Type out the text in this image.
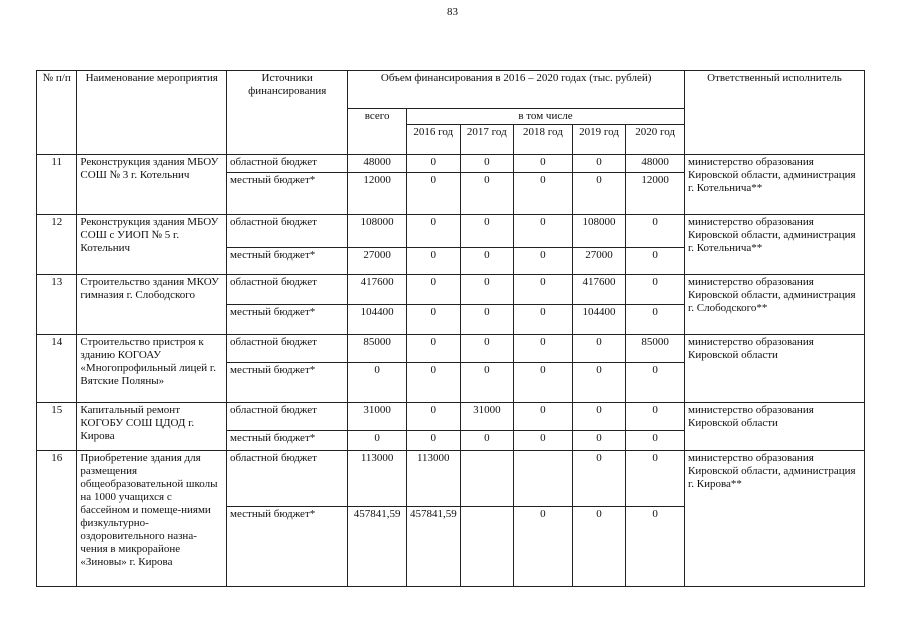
83
№ п/п	Наименование мероприятия	Источники финансирования	Объем финансирования в 2016 – 2020 годах (тыс. рублей)						Ответственный исполнитель
			всего	в том числе					
				2016 год	2017 год	2018 год	2019 год	2020 год	
11	Реконструкция здания МБОУ СОШ № 3 г. Котельнич	областной бюджет	48000	0	0	0	0	48000	министерство образования Кировской области, администрация г. Котельнича**
		местный бюджет*	12000	0	0	0	0	12000	
12	Реконструкция здания МБОУ СОШ с УИОП № 5 г. Котельнич	областной бюджет	108000	0	0	0	108000	0	министерство образования Кировской области, администрация г. Котельнича**
		местный бюджет*	27000	0	0	0	27000	0	
13	Строительство здания МКОУ гимназия г. Слободского	областной бюджет	417600	0	0	0	417600	0	министерство образования Кировской области, администрация г. Слободского**
		местный бюджет*	104400	0	0	0	104400	0	
14	Строительство пристроя к зданию КОГОАУ «Многопрофильный лицей г. Вятские Поляны»	областной бюджет	85000	0	0	0	0	85000	министерство образования Кировской области
		местный бюджет*	0	0	0	0	0	0	
15	Капитальный ремонт КОГОБУ СОШ ЦДОД г. Кирова	областной бюджет	31000	0	31000	0	0	0	министерство образования Кировской области
		местный бюджет*	0	0	0	0	0	0	
16	Приобретение здания для размещения общеобразовательной школы на 1000 учащихся с бассейном и помеще-ниями физкультурно-оздоровительного назна-чения в микрорайоне «Зиновы» г. Кирова	областной бюджет	113000	113000			0	0	министерство образования Кировской области, администрация г. Кирова**
		местный бюджет*	457841,59	457841,59		0	0	0	
